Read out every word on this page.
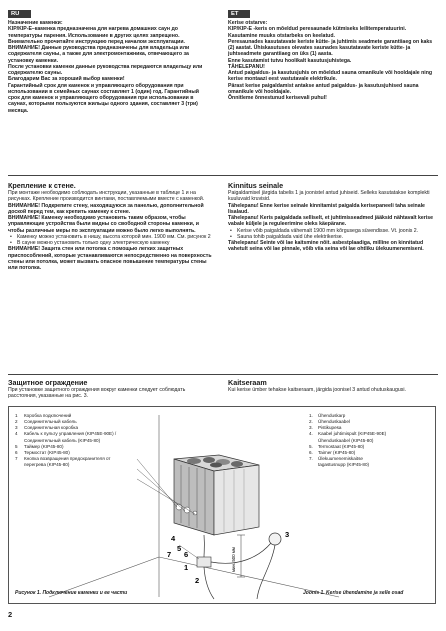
RU

Назначение каменки:

KIP/KIP-E–каменка предназначена для нагрева домашних саун до температуры парения. Использование в других целях запрещено.

Внимательно прочитайте инструкцию перед началом эксплуатации.

ВНИМАНИЕ! Данные руководства предназначены для владельца или содержателя сауны, а также для электромонтажника, отвечающего за установку каменки.

После установки каменки данные руководства передаются владельцу или содержателю сауны.

Благодарим Вас за хороший выбор каменки!

Гарантийный срок для каменок и управляющего оборудования при использовании в семейных саунах составляет 1 (один) год. Гарантийный срок для каменок и управляющего оборудования при использовании в саунах, которыми пользуются жильцы одного здания, составляет 3 (три) месяца.

Крепление к стене.

При монтаже необходимо соблюдать инструкции, указанные в таблице 1 и на рисунках. Крепление производится винтами, поставляемыми вместе с каменкой.

ВНИМАНИЕ! Подкрепите стену, находящуюся за панелью, дополнительной доской перед тем, как крепить каменку к стене.

ВНИМАНИЕ! Каменку необходимо установить таким образом, чтобы управляющие устройства были видны со свободной стороны каменки, и чтобы различные меры по эксплуатации можно было легко выполнять.

• Каменку можно установить в нишу, высота которой мин. 1900 мм. См. рисунок 2
• В саунe можно установить только одну электрическую каменку

ВНИМАНИЕ! Защита стен или потолка с помощью легких защитных приспособлений, которые устанавливаются непосредственно на поверхность стены или потолка, может вызвать опасное повышение температуры стены или потолка.

Защитное ограждение

При установке защитного ограждения вокруг каменки следует соблюдать расстояния, указанные на рис. 3.

ET

Kerise otstarve:

KIP/KIP-E -keris on mõeldud peresaunade kütmiseks leilitemperatuurini. Kasutamine muuks otstarbeks on keelatud.

Peresaunades kasutatavate keriste kütte- ja juhtimis seadmete garantiiaeg on kaks (2) aastat. Ühiskasutuses olevates saunades kasutatavate keriste kütte- ja juhtseadmete garantiiaeg on üks (1) aasta.

Enne kasutamist tutvu hoolikalt kasutusjuhistega.

TÄHELEPANU!

Antud paigaldus- ja kasutusjuhis on mõeldud sauna omanikule või hooldajale ning kerise montaazi eest vastutavale elektrikule.

Pärast kerise paigaldamist antakse antud paigaldus- ja kasutusjuhised sauna omanikule või hooldajale.

Õnnitleme õnnestunud kerisevali puhul!

Kinnitus seinale

Paigaldamisel järgida tabelis 1 ja joonistel antud juhiseid. Selleks kasutatakse komplekti kuuluvaid kruvisid.

Tähelepanu! Enne kerise seinale kinnitamist paigalda kerisepaneeli taha seinale lisalaud.

Tähelepanu! Keris paigaldada selliselt, et juhtimisseadmed jääksid nähtavalt kerise vabale küljele ja reguleerimine oleks käepärane.

• Kerise võib paigaldada vähemalt 1900 mm kõrgusega süvendisse. Vt. joonis 2.
• Sauna tohib paigaldada vaid ühe elektrikerise.

Tähelepanu! Seinte või lae kaitsmine nõit. asbestplaadiga, milline on kinnitatud vahetult seina või lae pinnale, võib viia seina või lae ohtliku ülekuumenemiseni.

Kaitseraam

Kui kerise ümber tehakse kaitseraam, järgida joonisel 3 antud ohutuskaugusi.

1 Коробка подключений
2 Соединительный кабель
3 Соединительная коробка
4 Кабель к пульту управления (KIP45E-90E) /
Соединительный кабель (KIP45-80)
5 Таймер (KIP45-80)
6 Термостат (KIP45-80)
7 Кнопка возвращения предохранителя от
перегрева (KIP45-80)
1. Ühenduskarp
2. Ühenduskaabel
3. Pistikupesa
4. Kaabel juhtimispult (KIP45E-90E)
Ühenduskaabel (KIP45-80)
5. Termostaat (KIP45-80)
6. Taimer (KIP45-80)
7. Ülekuumenemiskaitse
tagastusnupp (KIP45-80)
мин. 500 мм
4
5
6
7
1
2
3
Рисунок 1. Подключение каменки и ее части	Joonis 1. Kerise ühendamine ja selle osad
2
